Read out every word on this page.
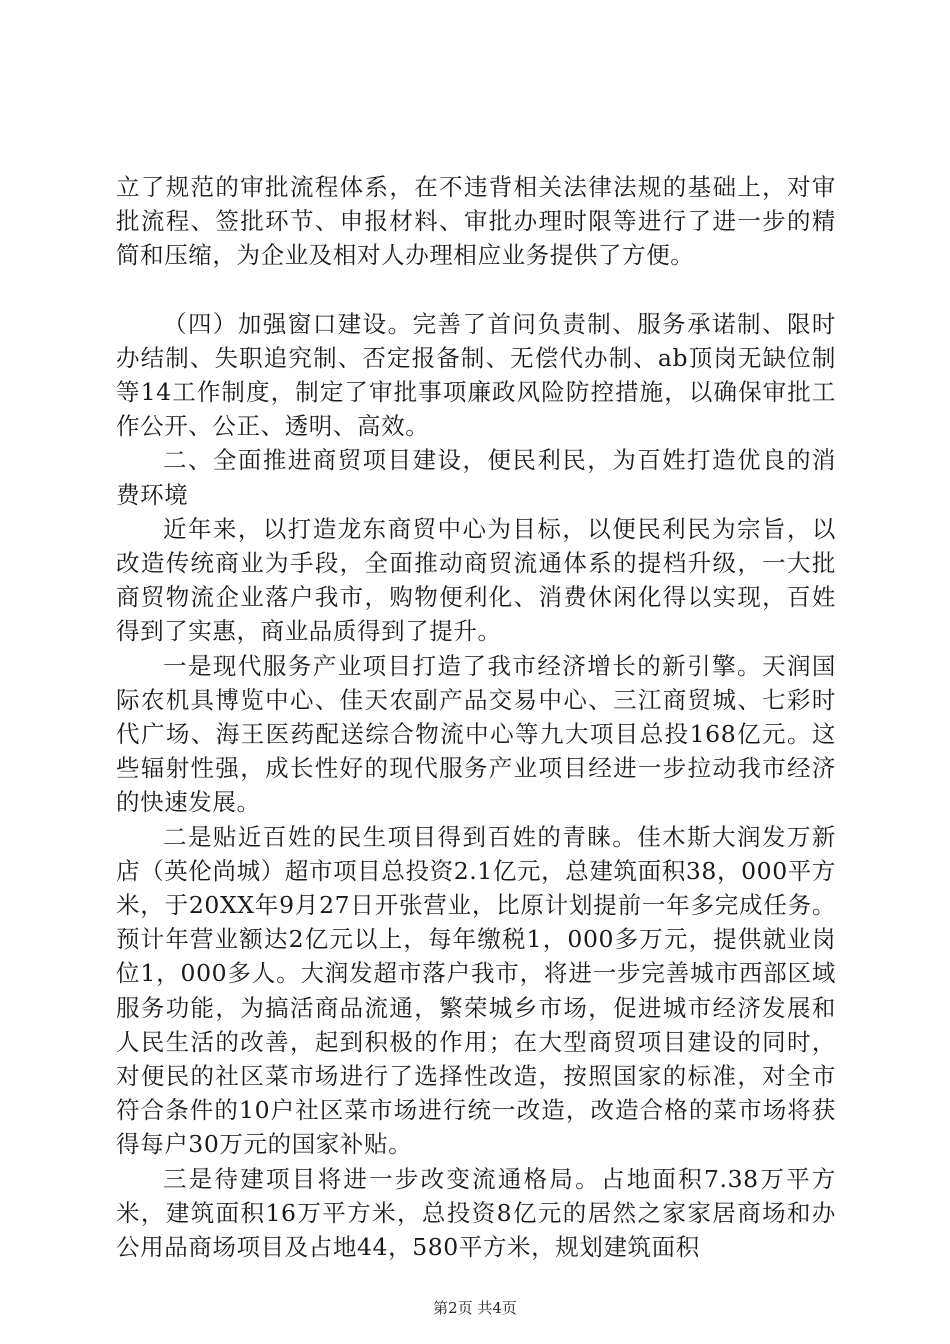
立了规范的审批流程体系，在不违背相关法律法规的基础上，对审批流程、签批环节、申报材料、审批办理时限等进行了进一步的精简和压缩，为企业及相对人办理相应业务提供了方便。

（四）加强窗口建设。完善了首问负责制、服务承诺制、限时办结制、失职追究制、否定报备制、无偿代办制、ab顶岗无缺位制等14工作制度，制定了审批事项廉政风险防控措施，以确保审批工作公开、公正、透明、高效。

二、全面推进商贸项目建设，便民利民，为百姓打造优良的消费环境

近年来，以打造龙东商贸中心为目标，以便民利民为宗旨，以改造传统商业为手段，全面推动商贸流通体系的提档升级，一大批商贸物流企业落户我市，购物便利化、消费休闲化得以实现，百姓得到了实惠，商业品质得到了提升。

一是现代服务产业项目打造了我市经济增长的新引擎。天润国际农机具博览中心、佳天农副产品交易中心、三江商贸城、七彩时代广场、海王医药配送综合物流中心等九大项目总投168亿元。这些辐射性强，成长性好的现代服务产业项目经进一步拉动我市经济的快速发展。

二是贴近百姓的民生项目得到百姓的青睐。佳木斯大润发万新店（英伦尚城）超市项目总投资2.1亿元，总建筑面积38，000平方米，于20XX年9月27日开张营业，比原计划提前一年多完成任务。预计年营业额达2亿元以上，每年缴税1，000多万元，提供就业岗位1，000多人。大润发超市落户我市，将进一步完善城市西部区域服务功能，为搞活商品流通，繁荣城乡市场，促进城市经济发展和人民生活的改善，起到积极的作用；在大型商贸项目建设的同时，对便民的社区菜市场进行了选择性改造，按照国家的标准，对全市符合条件的10户社区菜市场进行统一改造，改造合格的菜市场将获得每户30万元的国家补贴。

三是待建项目将进一步改变流通格局。占地面积7.38万平方米，建筑面积16万平方米，总投资8亿元的居然之家家居商场和办公用品商场项目及占地44，580平方米，规划建筑面积

第2页 共4页
